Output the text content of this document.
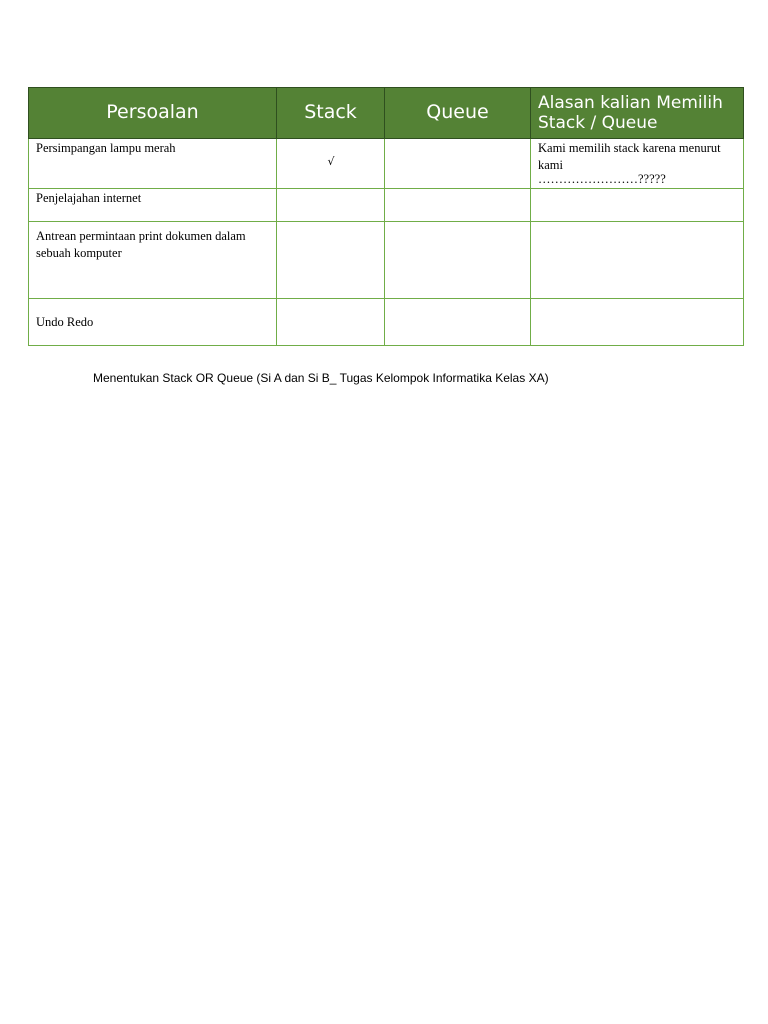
Persoalan	Stack	Queue	Alasan kalian Memilih Stack / Queue
Persimpangan lampu merah	√		Kami memilih stack karena menurut kami
……………………?????

Penjelajahan internet			
Antrean permintaan print dokumen dalam sebuah komputer			
Undo Redo			
Menentukan Stack OR Queue (Si A dan Si B_ Tugas Kelompok Informatika Kelas XA)
